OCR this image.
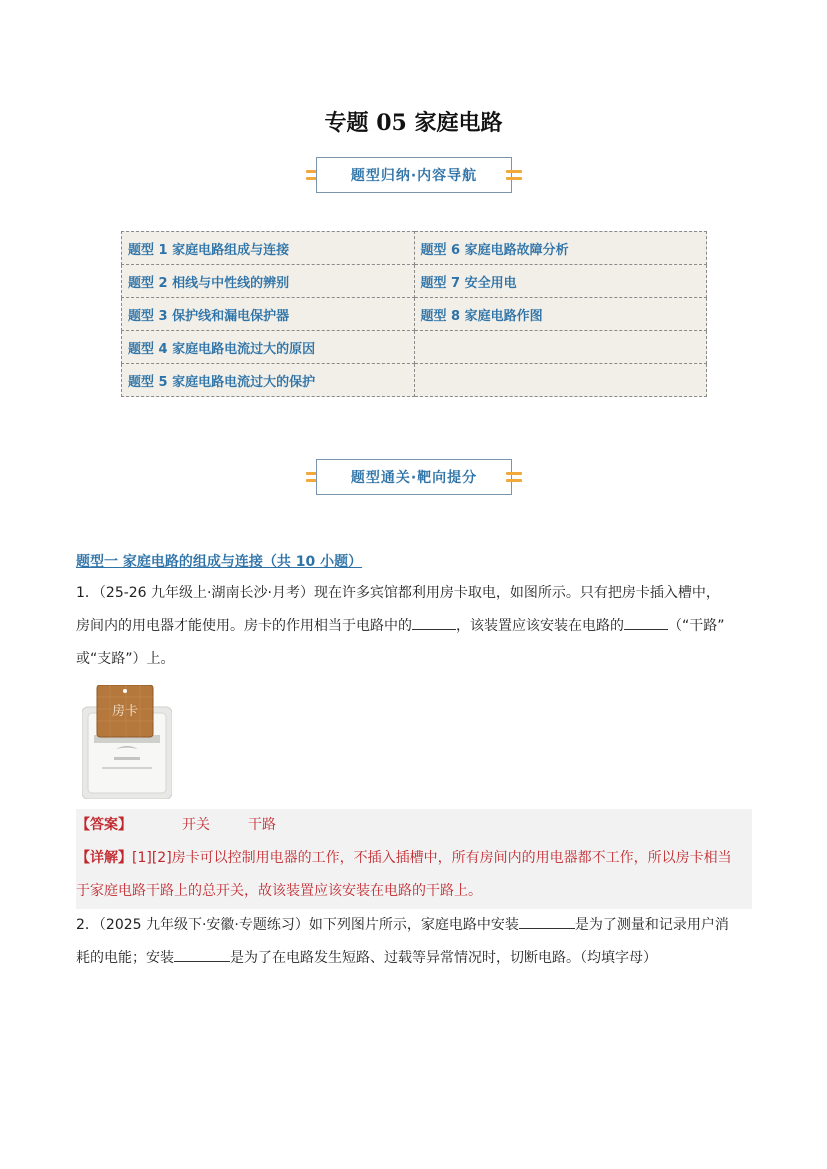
专题 05 家庭电路
题型归纳·内容导航
题型 1 家庭电路组成与连接	题型 6 家庭电路故障分析
题型 2 相线与中性线的辨别	题型 7 安全用电
题型 3 保护线和漏电保护器	题型 8 家庭电路作图
题型 4 家庭电路电流过大的原因	
题型 5 家庭电路电流过大的保护	
题型通关·靶向提分
题型一 家庭电路的组成与连接（共 10 小题）
1．（25-26 九年级上·湖南长沙·月考）现在许多宾馆都利用房卡取电，如图所示。只有把房卡插入槽中，
房间内的用电器才能使用。房卡的作用相当于电路中的	，该装置应该安装在电路的	（“干路”
或“支路”）上。
房卡
【答案】	开关	干路
【详解】[1][2]房卡可以控制用电器的工作，不插入插槽中，所有房间内的用电器都不工作，所以房卡相当
于家庭电路干路上的总开关，故该装置应该安装在电路的干路上。
2．（2025 九年级下·安徽·专题练习）如下列图片所示，家庭电路中安装	是为了测量和记录用户消
耗的电能；安装	是为了在电路发生短路、过载等异常情况时，切断电路。（均填字母）
